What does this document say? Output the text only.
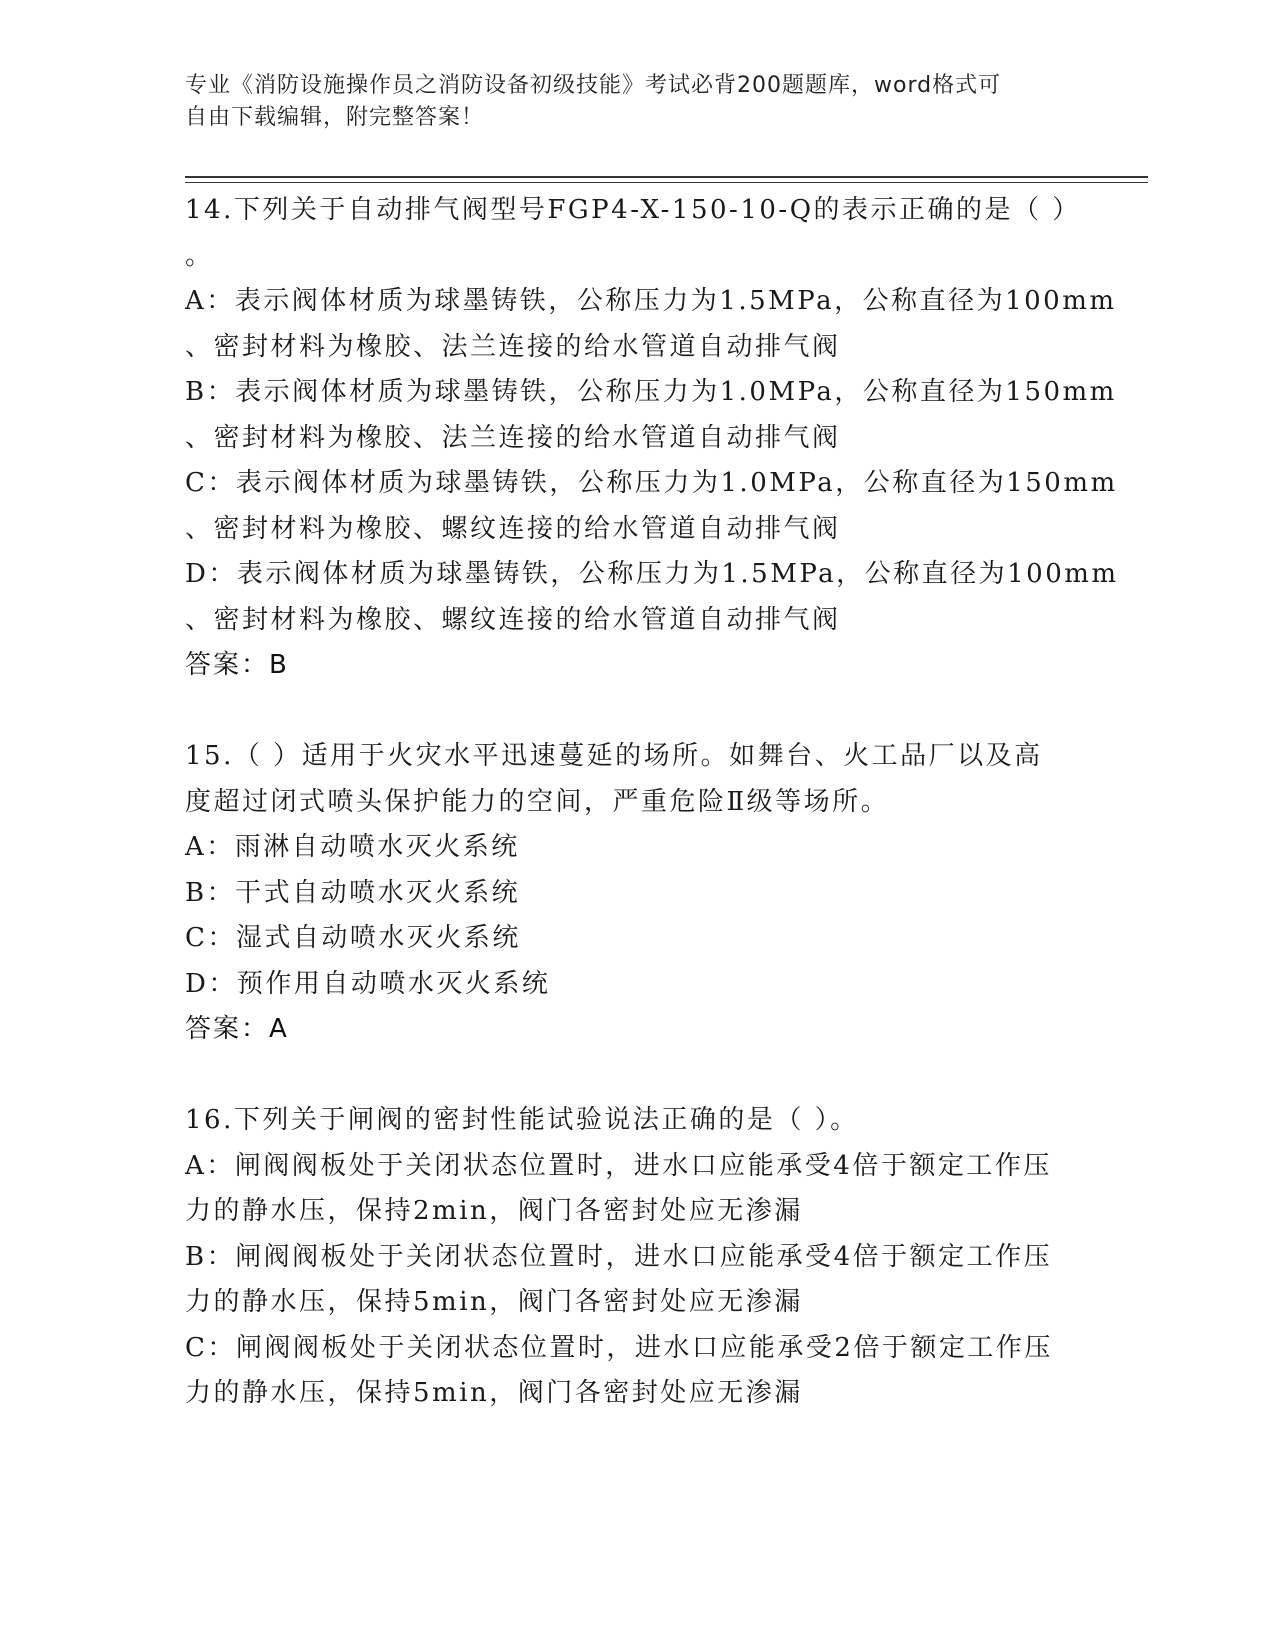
专业《消防设施操作员之消防设备初级技能》考试必背200题题库，word格式可
自由下载编辑，附完整答案！
14.下列关于自动排气阀型号FGP4-X-150-10-Q的表示正确的是（ ）
。
A：表示阀体材质为球墨铸铁，公称压力为1.5MPa，公称直径为100mm
、密封材料为橡胶、法兰连接的给水管道自动排气阀
B：表示阀体材质为球墨铸铁，公称压力为1.0MPa，公称直径为150mm
、密封材料为橡胶、法兰连接的给水管道自动排气阀
C：表示阀体材质为球墨铸铁，公称压力为1.0MPa，公称直径为150mm
、密封材料为橡胶、螺纹连接的给水管道自动排气阀
D：表示阀体材质为球墨铸铁，公称压力为1.5MPa，公称直径为100mm
、密封材料为橡胶、螺纹连接的给水管道自动排气阀
答案：B
15.（ ）适用于火灾水平迅速蔓延的场所。如舞台、火工品厂以及高
度超过闭式喷头保护能力的空间，严重危险Ⅱ级等场所。
A：雨淋自动喷水灭火系统
B：干式自动喷水灭火系统
C：湿式自动喷水灭火系统
D：预作用自动喷水灭火系统
答案：A
16.下列关于闸阀的密封性能试验说法正确的是（ ）。
A：闸阀阀板处于关闭状态位置时，进水口应能承受4倍于额定工作压
力的静水压，保持2min，阀门各密封处应无渗漏
B：闸阀阀板处于关闭状态位置时，进水口应能承受4倍于额定工作压
力的静水压，保持5min，阀门各密封处应无渗漏
C：闸阀阀板处于关闭状态位置时，进水口应能承受2倍于额定工作压
力的静水压，保持5min，阀门各密封处应无渗漏
